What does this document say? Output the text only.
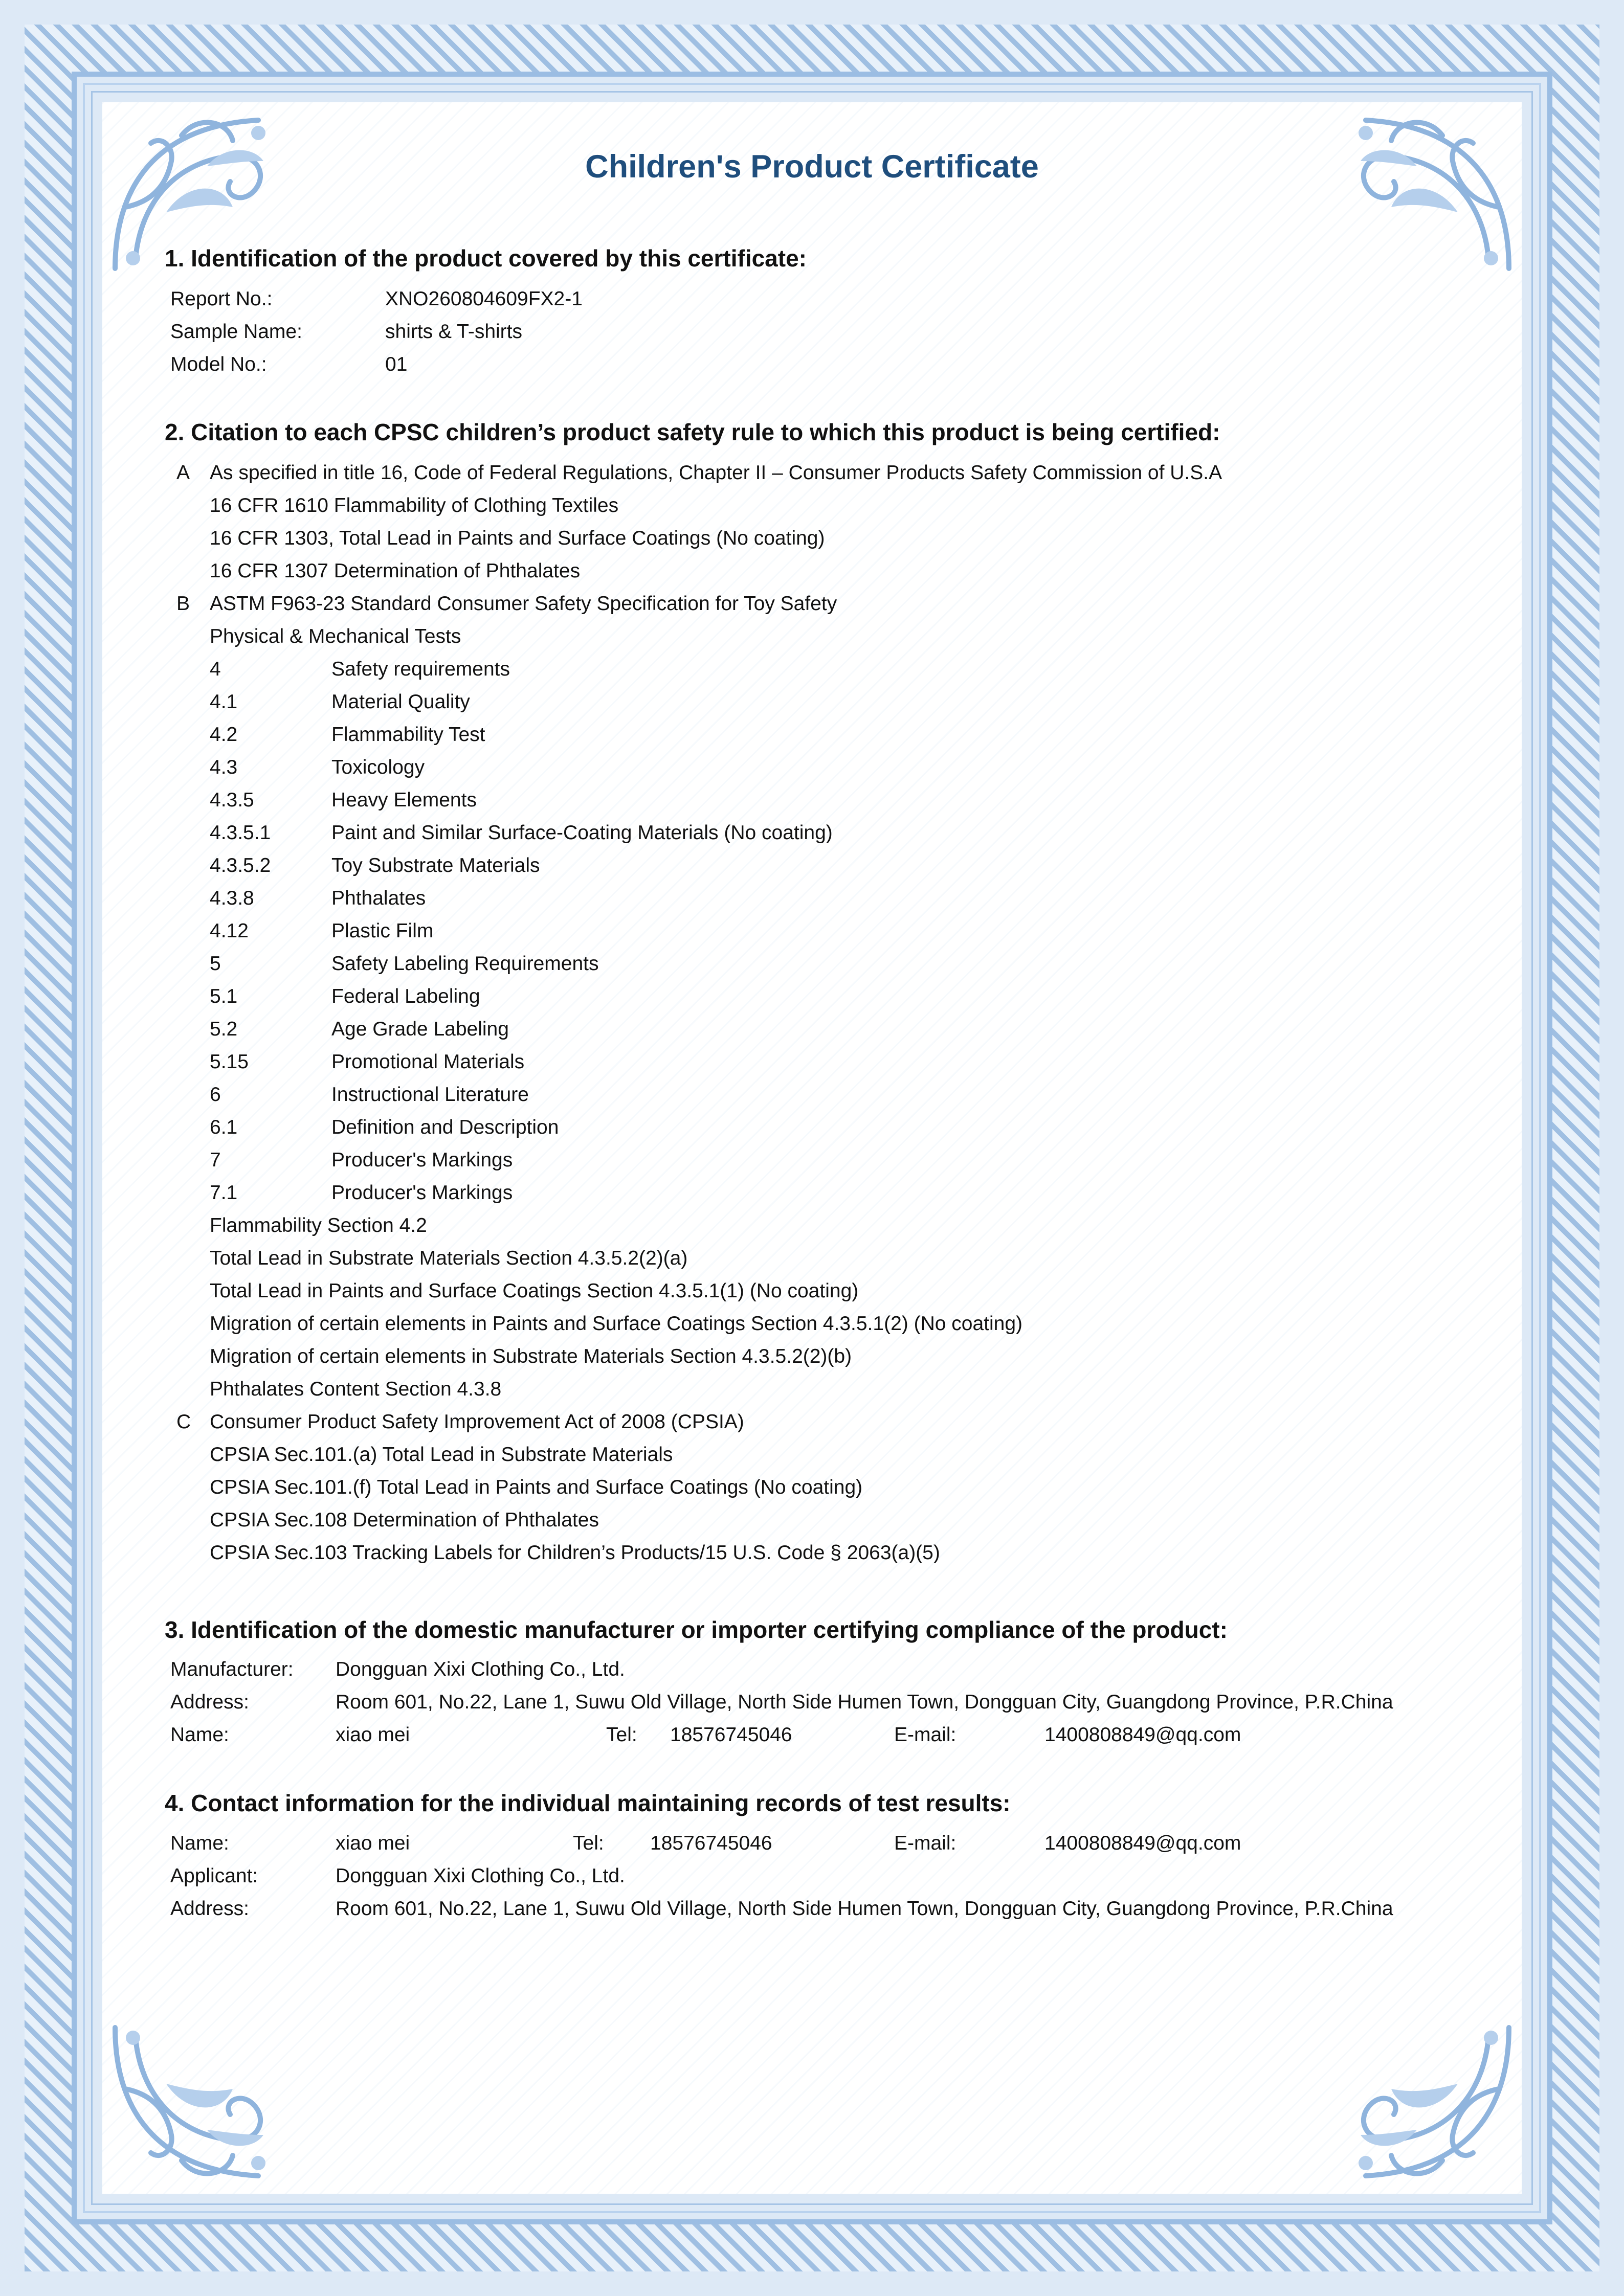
Children's Product Certificate
1. Identification of the product covered by this certificate:
Report No.:	XNO260804609FX2-1
Sample Name:	shirts & T-shirts
Model No.:	01
2. Citation to each CPSC children’s product safety rule to which this product is being certified:
A As specified in title 16, Code of Federal Regulations, Chapter II – Consumer Products Safety Commission of U.S.A
16 CFR 1610 Flammability of Clothing Textiles
16 CFR 1303, Total Lead in Paints and Surface Coatings (No coating)
16 CFR 1307 Determination of Phthalates
B ASTM F963-23 Standard Consumer Safety Specification for Toy Safety
Physical & Mechanical Tests
4	Safety requirements
4.1	Material Quality
4.2	Flammability Test
4.3	Toxicology
4.3.5	Heavy Elements
4.3.5.1	Paint and Similar Surface-Coating Materials (No coating)
4.3.5.2	Toy Substrate Materials
4.3.8	Phthalates
4.12	Plastic Film
5	Safety Labeling Requirements
5.1	Federal Labeling
5.2	Age Grade Labeling
5.15	Promotional Materials
6	Instructional Literature
6.1	Definition and Description
7	Producer's Markings
7.1	Producer's Markings
Flammability Section 4.2
Total Lead in Substrate Materials Section 4.3.5.2(2)(a)
Total Lead in Paints and Surface Coatings Section 4.3.5.1(1) (No coating)
Migration of certain elements in Paints and Surface Coatings Section 4.3.5.1(2) (No coating)
Migration of certain elements in Substrate Materials Section 4.3.5.2(2)(b)
Phthalates Content Section 4.3.8
C Consumer Product Safety Improvement Act of 2008 (CPSIA)
CPSIA Sec.101.(a) Total Lead in Substrate Materials
CPSIA Sec.101.(f) Total Lead in Paints and Surface Coatings (No coating)
CPSIA Sec.108 Determination of Phthalates
CPSIA Sec.103 Tracking Labels for Children’s Products/15 U.S. Code § 2063(a)(5)
3. Identification of the domestic manufacturer or importer certifying compliance of the product:
Manufacturer: Dongguan Xixi Clothing Co., Ltd.
Address:	Room 601, No.22, Lane 1, Suwu Old Village, North Side Humen Town, Dongguan City, Guangdong Province, P.R.China
Name:	xiao mei	Tel: 18576745046	E-mail:	1400808849@qq.com
4. Contact information for the individual maintaining records of test results:
Name:	xiao mei	Tel: 18576745046	E-mail:	1400808849@qq.com
Applicant:	Dongguan Xixi Clothing Co., Ltd.
Address:	Room 601, No.22, Lane 1, Suwu Old Village, North Side Humen Town, Dongguan City, Guangdong Province, P.R.China
